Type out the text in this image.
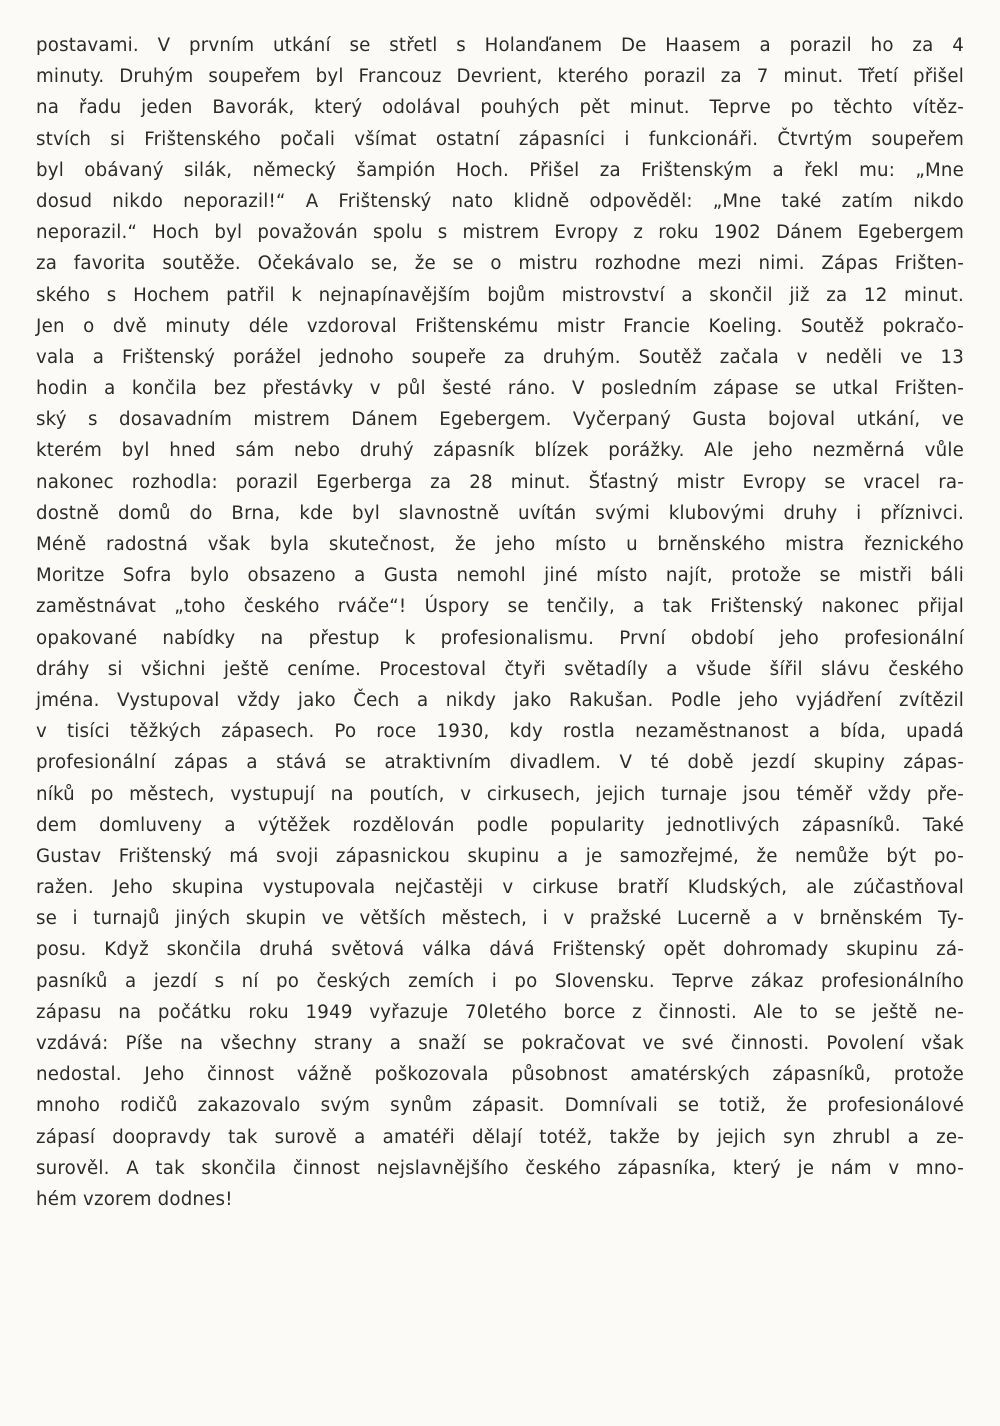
postavami. V prvním utkání se střetl s Holanďanem De Haasem a porazil ho za 4
minuty. Druhým soupeřem byl Francouz Devrient, kterého porazil za 7 minut. Třetí přišel
na řadu jeden Bavorák, který odolával pouhých pět minut. Teprve po těchto vítěz-
stvích si Frištenského počali všímat ostatní zápasníci i funkcionáři. Čtvrtým soupeřem
byl obávaný silák, německý šampión Hoch. Přišel za Frištenským a řekl mu: „Mne
dosud nikdo neporazil!“ A Frištenský nato klidně odpověděl: „Mne také zatím nikdo
neporazil.“ Hoch byl považován spolu s mistrem Evropy z roku 1902 Dánem Egebergem
za favorita soutěže. Očekávalo se, že se o mistru rozhodne mezi nimi. Zápas Frišten-
ského s Hochem patřil k nejnapínavějším bojům mistrovství a skončil již za 12 minut.
Jen o dvě minuty déle vzdoroval Frištenskému mistr Francie Koeling. Soutěž pokračo-
vala a Frištenský porážel jednoho soupeře za druhým. Soutěž začala v neděli ve 13
hodin a končila bez přestávky v půl šesté ráno. V posledním zápase se utkal Frišten-
ský s dosavadním mistrem Dánem Egebergem. Vyčerpaný Gusta bojoval utkání, ve
kterém byl hned sám nebo druhý zápasník blízek porážky. Ale jeho nezměrná vůle
nakonec rozhodla: porazil Egerberga za 28 minut. Šťastný mistr Evropy se vracel ra-
dostně domů do Brna, kde byl slavnostně uvítán svými klubovými druhy i příznivci.
Méně radostná však byla skutečnost, že jeho místo u brněnského mistra řeznického
Moritze Sofra bylo obsazeno a Gusta nemohl jiné místo najít, protože se mistři báli
zaměstnávat „toho českého rváče“! Úspory se tenčily, a tak Frištenský nakonec přijal
opakované nabídky na přestup k profesionalismu. První období jeho profesionální
dráhy si všichni ještě ceníme. Procestoval čtyři světadíly a všude šířil slávu českého
jména. Vystupoval vždy jako Čech a nikdy jako Rakušan. Podle jeho vyjádření zvítězil
v tisíci těžkých zápasech. Po roce 1930, kdy rostla nezaměstnanost a bída, upadá
profesionální zápas a stává se atraktivním divadlem. V té době jezdí skupiny zápas-
níků po městech, vystupují na poutích, v cirkusech, jejich turnaje jsou téměř vždy pře-
dem domluveny a výtěžek rozdělován podle popularity jednotlivých zápasníků. Také
Gustav Frištenský má svoji zápasnickou skupinu a je samozřejmé, že nemůže být po-
ražen. Jeho skupina vystupovala nejčastěji v cirkuse bratří Kludských, ale zúčastňoval
se i turnajů jiných skupin ve větších městech, i v pražské Lucerně a v brněnském Ty-
posu. Když skončila druhá světová válka dává Frištenský opět dohromady skupinu zá-
pasníků a jezdí s ní po českých zemích i po Slovensku. Teprve zákaz profesionálního
zápasu na počátku roku 1949 vyřazuje 70letého borce z činnosti. Ale to se ještě ne-
vzdává: Píše na všechny strany a snaží se pokračovat ve své činnosti. Povolení však
nedostal. Jeho činnost vážně poškozovala působnost amatérských zápasníků, protože
mnoho rodičů zakazovalo svým synům zápasit. Domnívali se totiž, že profesionálové
zápasí doopravdy tak surově a amatéři dělají totéž, takže by jejich syn zhrubl a ze-
surověl. A tak skončila činnost nejslavnějšího českého zápasníka, který je nám v mno-
hém vzorem dodnes!
